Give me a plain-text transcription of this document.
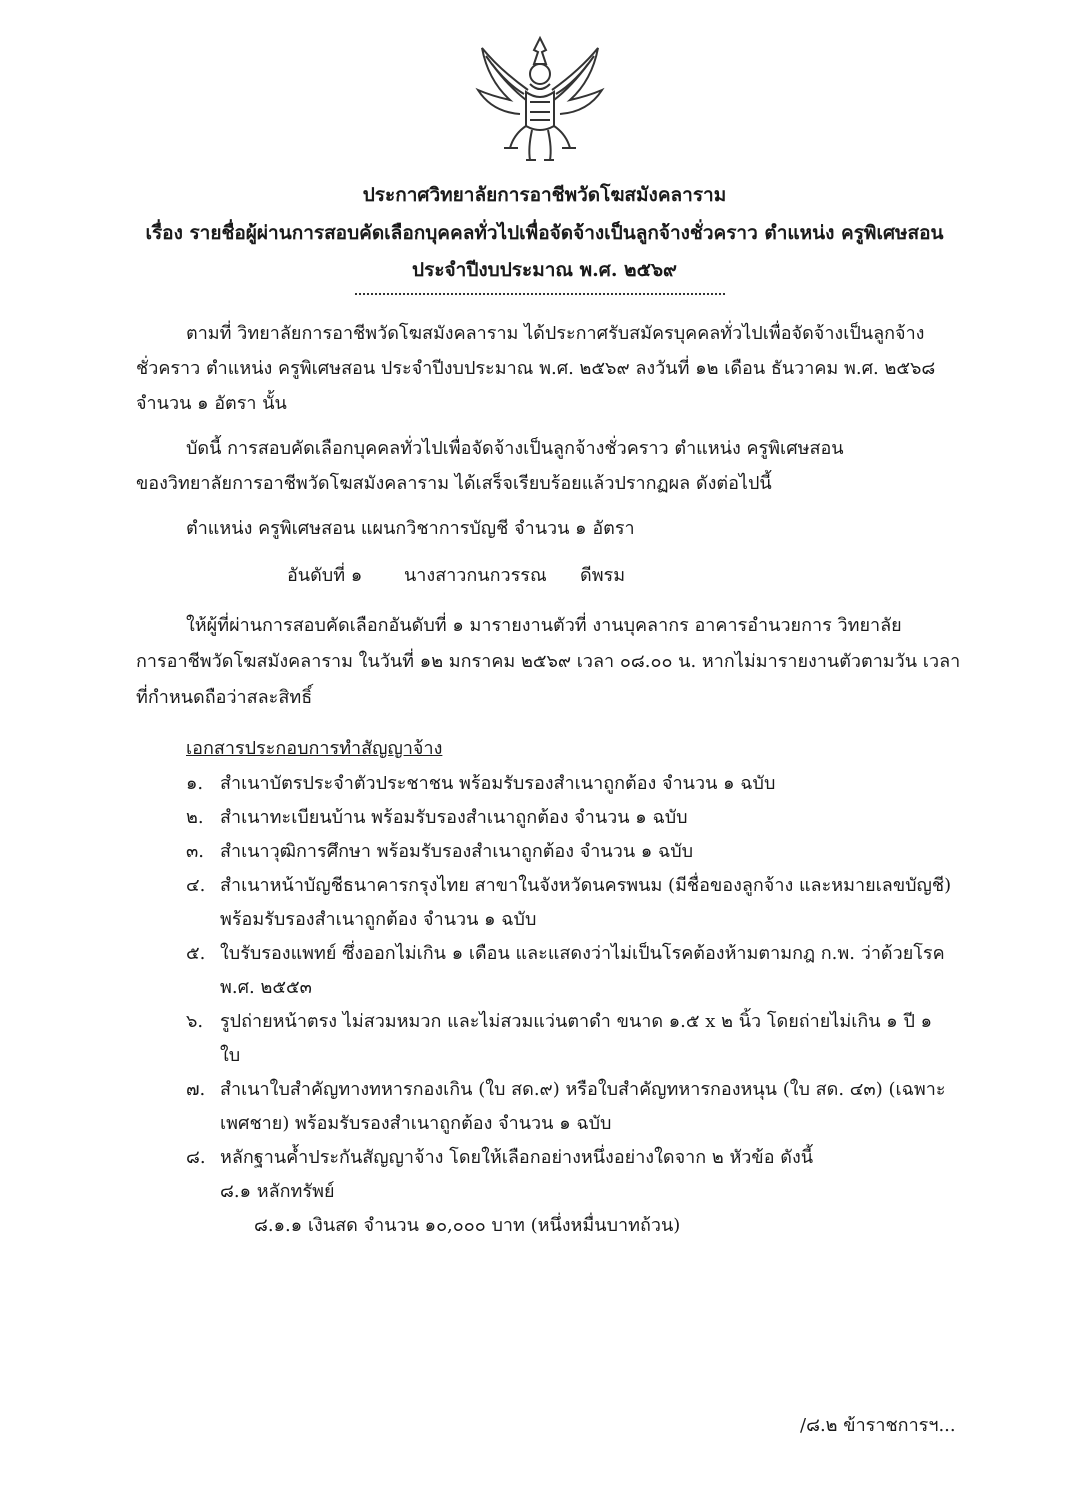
ประกาศวิทยาลัยการอาชีพวัดโฆสมังคลาราม
เรื่อง รายชื่อผู้ผ่านการสอบคัดเลือกบุคคลทั่วไปเพื่อจัดจ้างเป็นลูกจ้างชั่วคราว ตำแหน่ง ครูพิเศษสอน
ประจำปีงบประมาณ พ.ศ. ๒๕๖๙
ตามที่ วิทยาลัยการอาชีพวัดโฆสมังคลาราม ได้ประกาศรับสมัครบุคคลทั่วไปเพื่อจัดจ้างเป็นลูกจ้าง
ชั่วคราว ตำแหน่ง ครูพิเศษสอน ประจำปีงบประมาณ พ.ศ. ๒๕๖๙ ลงวันที่ ๑๒ เดือน ธันวาคม พ.ศ. ๒๕๖๘
จำนวน ๑ อัตรา นั้น
บัดนี้ การสอบคัดเลือกบุคคลทั่วไปเพื่อจัดจ้างเป็นลูกจ้างชั่วคราว ตำแหน่ง ครูพิเศษสอน
ของวิทยาลัยการอาชีพวัดโฆสมังคลาราม ได้เสร็จเรียบร้อยแล้วปรากฏผล ดังต่อไปนี้
ตำแหน่ง ครูพิเศษสอน แผนกวิชาการบัญชี จำนวน ๑ อัตรา
อันดับที่ ๑ นางสาวกนกวรรณ ดีพรม
ให้ผู้ที่ผ่านการสอบคัดเลือกอันดับที่ ๑ มารายงานตัวที่ งานบุคลากร อาคารอำนวยการ วิทยาลัย
การอาชีพวัดโฆสมังคลาราม ในวันที่ ๑๒ มกราคม ๒๕๖๙ เวลา ๐๘.๐๐ น. หากไม่มารายงานตัวตามวัน เวลา
ที่กำหนดถือว่าสละสิทธิ์
เอกสารประกอบการทำสัญญาจ้าง
๑. สำเนาบัตรประจำตัวประชาชน พร้อมรับรองสำเนาถูกต้อง จำนวน ๑ ฉบับ
๒. สำเนาทะเบียนบ้าน พร้อมรับรองสำเนาถูกต้อง จำนวน ๑ ฉบับ
๓. สำเนาวุฒิการศึกษา พร้อมรับรองสำเนาถูกต้อง จำนวน ๑ ฉบับ
๔. สำเนาหน้าบัญชีธนาคารกรุงไทย สาขาในจังหวัดนครพนม (มีชื่อของลูกจ้าง และหมายเลขบัญชี)
พร้อมรับรองสำเนาถูกต้อง จำนวน ๑ ฉบับ
๕. ใบรับรองแพทย์ ซึ่งออกไม่เกิน ๑ เดือน และแสดงว่าไม่เป็นโรคต้องห้ามตามกฎ ก.พ. ว่าด้วยโรค
พ.ศ. ๒๕๕๓
๖. รูปถ่ายหน้าตรง ไม่สวมหมวก และไม่สวมแว่นตาดำ ขนาด ๑.๕ x ๒ นิ้ว โดยถ่ายไม่เกิน ๑ ปี ๑
ใบ
๗. สำเนาใบสำคัญทางทหารกองเกิน (ใบ สด.๙) หรือใบสำคัญทหารกองหนุน (ใบ สด. ๔๓) (เฉพาะ
เพศชาย) พร้อมรับรองสำเนาถูกต้อง จำนวน ๑ ฉบับ
๘. หลักฐานค้ำประกันสัญญาจ้าง โดยให้เลือกอย่างหนึ่งอย่างใดจาก ๒ หัวข้อ ดังนี้
๘.๑ หลักทรัพย์
๘.๑.๑ เงินสด จำนวน ๑๐,๐๐๐ บาท (หนึ่งหมื่นบาทถ้วน)
/๘.๒ ข้าราชการฯ...
